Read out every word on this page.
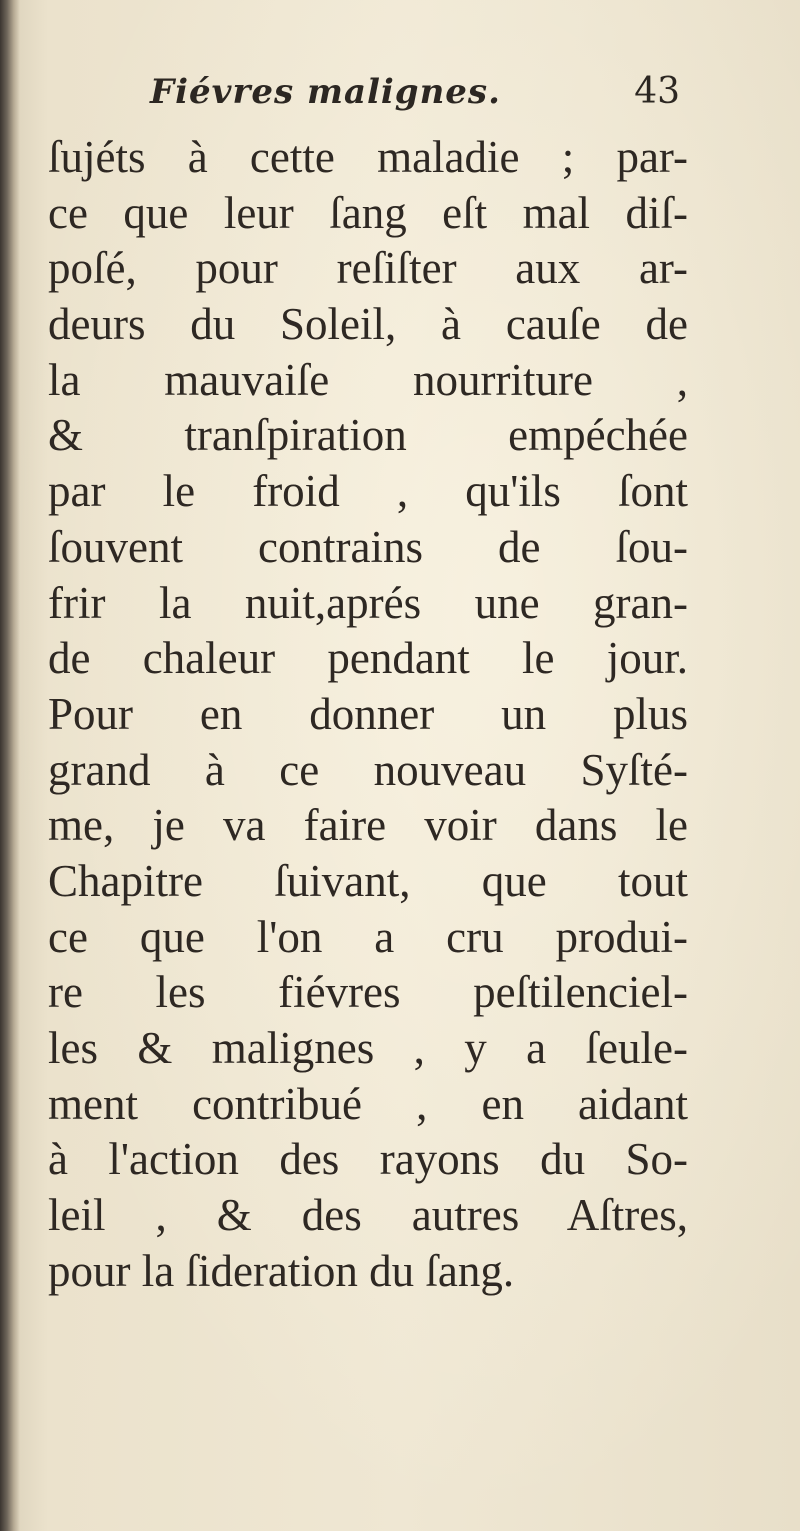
Fiévres malignes.	43
ſujéts à cette maladie ; par-
ce que leur ſang eſt mal diſ-
poſé, pour reſiſter aux ar-
deurs du Soleil, à cauſe de
la mauvaiſe nourriture ,
& tranſpiration empéchée
par le froid , qu'ils ſont
ſouvent contrains de ſou-
frir la nuit,aprés une gran-
de chaleur pendant le jour.
Pour en donner un plus
grand à ce nouveau Syſté-
me, je va faire voir dans le
Chapitre ſuivant, que tout
ce que l'on a cru produi-
re les fiévres peſtilenciel-
les & malignes , y a ſeule-
ment contribué , en aidant
à l'action des rayons du So-
leil , & des autres Aſtres,
pour la ſideration du ſang.
